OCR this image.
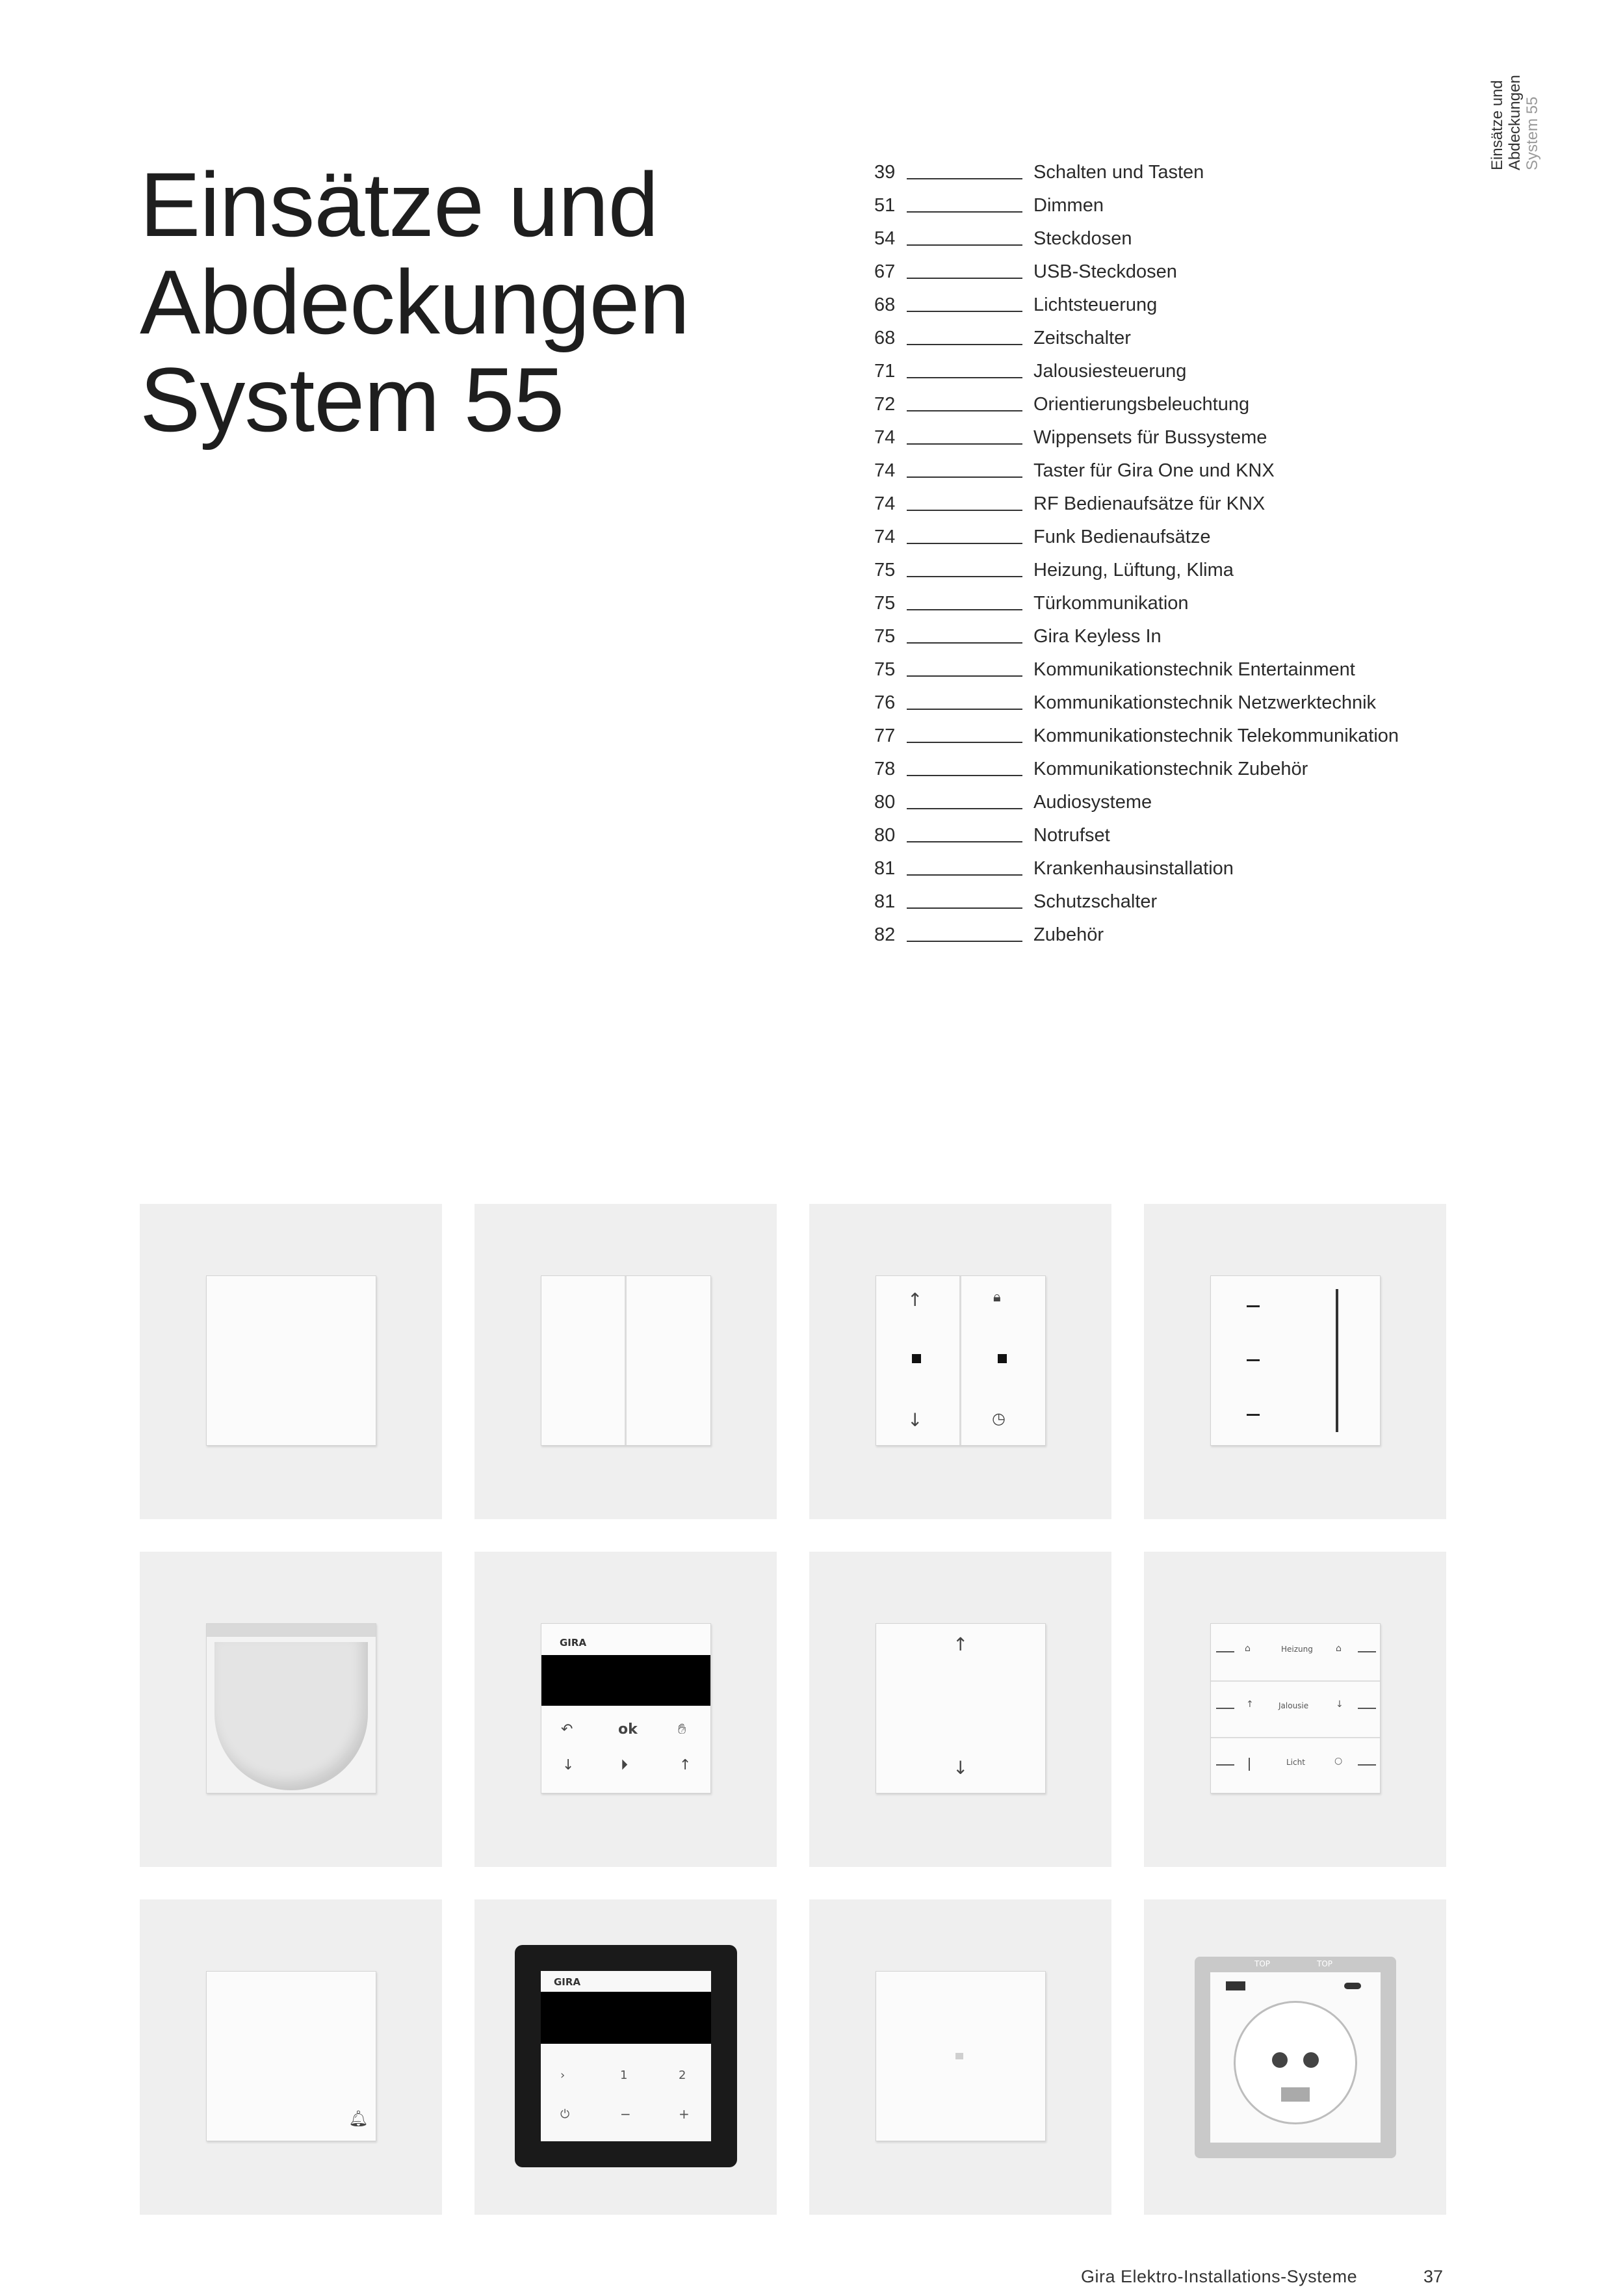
Einsätze und
Abdeckungen
System 55
Einsätze und Abdeckungen System 55
39	Schalten und Tasten
51	Dimmen
54	Steckdosen
67	USB-Steckdosen
68	Lichtsteuerung
68	Zeitschalter
71	Jalousiesteuerung
72	Orientierungsbeleuchtung
74	Wippensets für Bussysteme
74	Taster für Gira One und KNX
74	RF Bedienaufsätze für KNX
74	Funk Bedienaufsätze
75	Heizung, Lüftung, Klima
75	Türkommunikation
75	Gira Keyless In
75	Kommunikationstechnik Entertainment
76	Kommunikationstechnik Netzwerktechnik
77	Kommunikationstechnik Telekommunikation
78	Kommunikationstechnik Zubehör
80	Audiosysteme
80	Notrufset
81	Krankenhausinstallation
81	Schutzschalter
82	Zubehör
↑	🔒︎
↓	◷
GIRA
↶	ok	✋︎
↓	⏵	↑
↑
↓
⌂	Heizung	⌂
↑	Jalousie	↓
Licht	○
🔔︎
GIRA
›	1	2
⏻	−	+
TOP	TOP
Gira Elektro-Installations-Systeme	37
